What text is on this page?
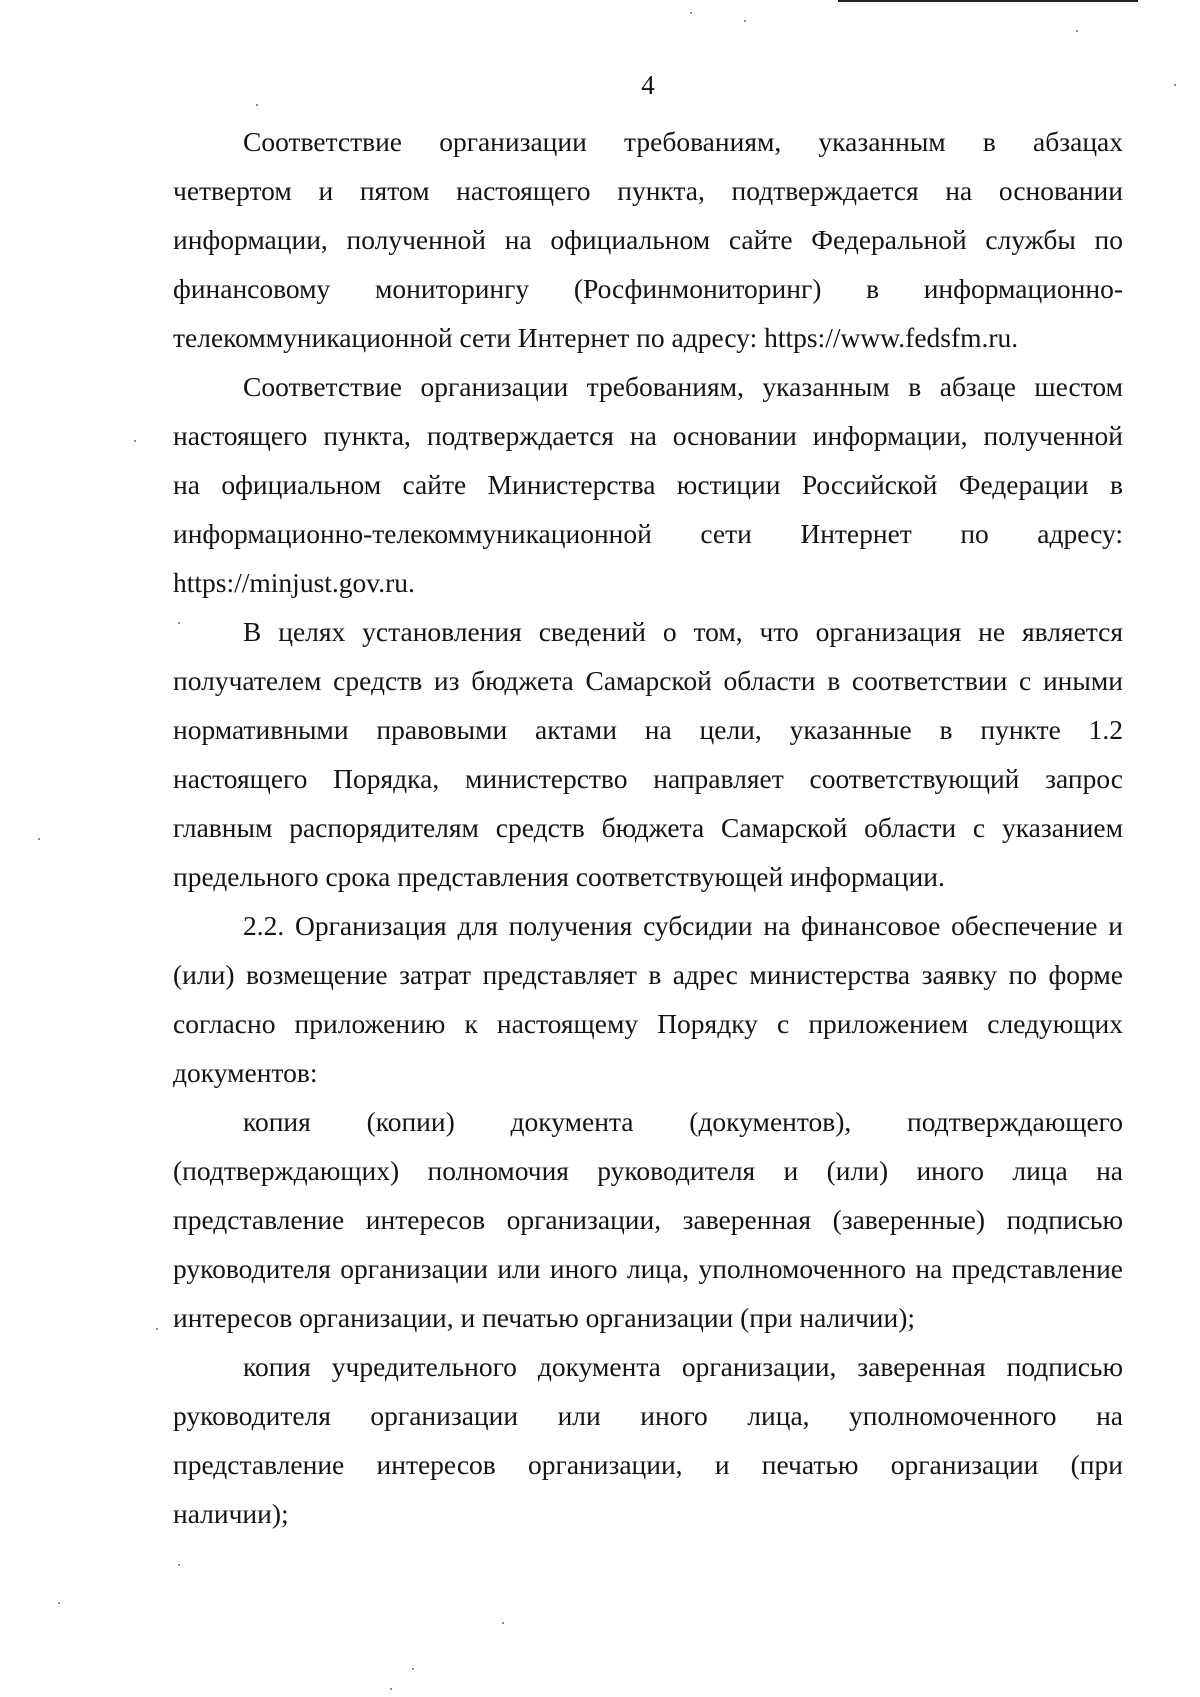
4

Соответствие организации требованиям, указанным в абзацах
четвертом и пятом настоящего пункта, подтверждается на основании
информации, полученной на официальном сайте Федеральной службы по
финансовому мониторингу (Росфинмониторинг) в информационно-
телекоммуникационной сети Интернет по адресу: https://www.fedsfm.ru.

Соответствие организации требованиям, указанным в абзаце шестом
настоящего пункта, подтверждается на основании информации, полученной
на официальном сайте Министерства юстиции Российской Федерации в
информационно-телекоммуникационной сети Интернет по адресу:
https://minjust.gov.ru.

В целях установления сведений о том, что организация не является
получателем средств из бюджета Самарской области в соответствии с иными
нормативными правовыми актами на цели, указанные в пункте 1.2
настоящего Порядка, министерство направляет соответствующий запрос
главным распорядителям средств бюджета Самарской области с указанием
предельного срока представления соответствующей информации.

2.2. Организация для получения субсидии на финансовое обеспечение и
(или) возмещение затрат представляет в адрес министерства заявку по форме
согласно приложению к настоящему Порядку с приложением следующих
документов:

копия (копии) документа (документов), подтверждающего
(подтверждающих) полномочия руководителя и (или) иного лица на
представление интересов организации, заверенная (заверенные) подписью
руководителя организации или иного лица, уполномоченного на представление
интересов организации, и печатью организации (при наличии);

копия учредительного документа организации, заверенная подписью
руководителя организации или иного лица, уполномоченного на
представление интересов организации, и печатью организации (при
наличии);
